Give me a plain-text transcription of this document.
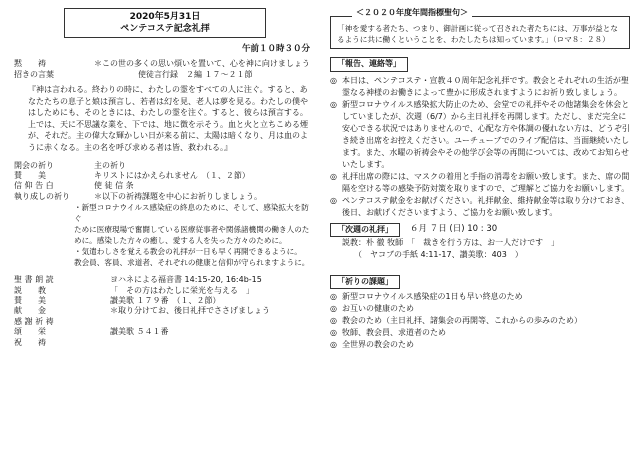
2020年5月31日
ペンテコステ記念礼拝
午前１０時３０分
黙　　祷	＊この世の多くの思い煩いを置いて、心を神に向けましょう
招きの言葉	使徒言行録　２編 １７～２１節
『神は言われる。終わりの時に、わたしの霊をすべての人に注ぐ。すると、あなたたちの息子と娘は預言し、若者は幻を見、老人は夢を見る。わたしの僕やはしためにも、そのときには、わたしの霊を注ぐ。すると、彼らは預言する。上では、天に不思議な業を、下では、地に徴を示そう。血と火と立ちこめる煙が、それだ。主の偉大な輝かしい日が来る前に、太陽は暗くなり、月は血のように赤くなる。主の名を呼び求める者は皆、救われる。』
開会の祈り	主の祈り
賛　　美	キリストにはかえられません　（１、２節）
信 仰 告 白	使 徒 信 条
執り成しの祈り	＊以下の祈祷課題を中心にお祈りしましょう。
・新型コロナウイルス感染症の終息のために、そして、感染拡大を防ぐ
ために医療現場で奮闘している医療従事者や関係諸機関の働き人のた
めに。感染した方々の癒し、愛する人を失った方々のために。
・気遣わしさを覚える教会の礼拝が一日も早く再開できるように。
教会員、客員、求道者、それぞれの健康と信仰が守られますように。
聖 書 朗 読	ヨハネによる福音書 14:15-20, 16:4b-15
説　　教	「　その方はわたしに栄光を与える　」
賛　　美	讃美歌 １７９番　（１、２節）
献　　金	＊取り分けてお、後日礼拝でささげましょう
感 謝 祈 祷
頌　　栄	讃美歌 ５４１番
祝　　祷
＜２０２０年度年間指標聖句＞
「神を愛する者たち、つまり、御計画に従って召された者たちには、万事が益となるように共に働くということを、わたしたちは知っています。」（ロマ８：２８）
「報告、連絡等」
◎ 本日は、ペンテコステ・宣教４０周年記念礼拝です。教会とそれぞれの生活が聖霊なる神様のお働きによって豊かに形成されますようにお祈り致しましょう。
◎ 新型コロナウイルス感染拡大防止のため、会堂での礼拝やその他諸集会を休会としていましたが、次週（6/7）から主日礼拝を再開します。ただし、まだ完全に安心できる状況ではありませんので、心配な方や体調の優れない方は、どうぞ引き続き出席をお控えください。ユーチューブでのライブ配信は、当面継続いたします。また、水曜の祈祷会やその他学び会等の再開については、改めてお知らせいたします。
◎ 礼拝出席の際には、マスクの着用と手指の消毒をお願い致します。また、席の間隔を空ける等の感染予防対策を取りますので、ご理解とご協力をお願いします。
◎ ペンテコステ献金をお献げください。礼拝献金、維持献金等は取り分けておき、後日、お献げくださいますよう、ご協力をお願い致します。
「次週の礼拝」	６月 ７日 (日) 10 : 30
説教：朴 徹 牧師　「　裁きを行う方は、お一人だけです　」
（　ヤコブの手紙 4:11-17、讃美歌：403　）
「祈りの課題」
◎ 新型コロナウイルス感染症の1日も早い終息のため
◎ お互いの健康のため
◎ 教会のため（主日礼拝、諸集会の再開等、これからの歩みのため）
◎ 牧師、教会員、求道者のため
◎ 全世界の教会のため
